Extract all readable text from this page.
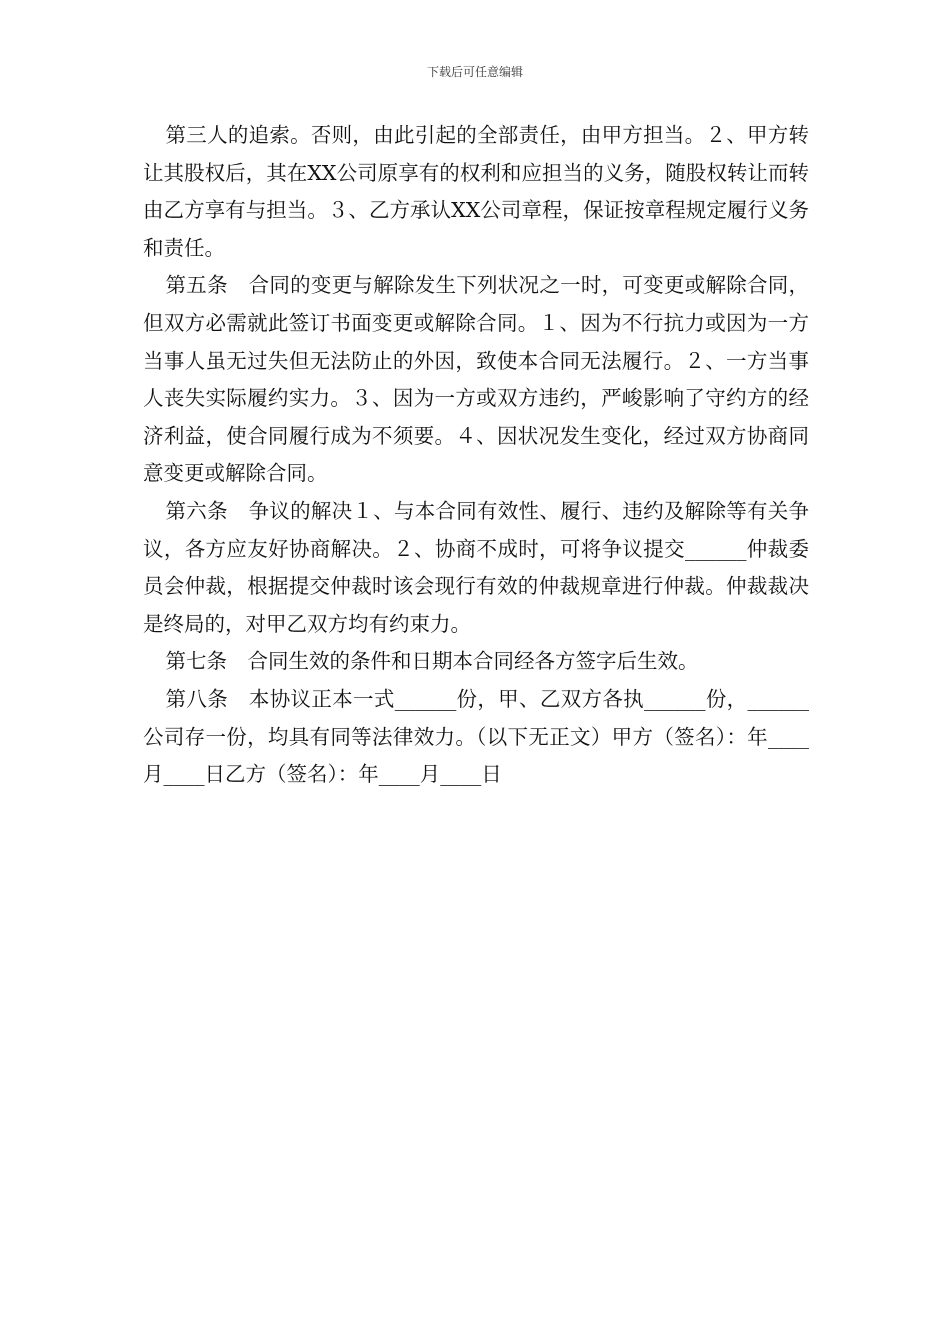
下载后可任意编辑

第三人的追索。否则，由此引起的全部责任，由甲方担当。２、甲方转让其股权后，其在XX公司原享有的权利和应担当的义务，随股权转让而转由乙方享有与担当。３、乙方承认XX公司章程，保证按章程规定履行义务和责任。

第五条　合同的变更与解除发生下列状况之一时，可变更或解除合同，但双方必需就此签订书面变更或解除合同。１、因为不行抗力或因为一方当事人虽无过失但无法防止的外因，致使本合同无法履行。２、一方当事人丧失实际履约实力。３、因为一方或双方违约，严峻影响了守约方的经济利益，使合同履行成为不须要。４、因状况发生变化，经过双方协商同意变更或解除合同。

第六条　争议的解决１、与本合同有效性、履行、违约及解除等有关争议，各方应友好协商解决。２、协商不成时，可将争议提交______仲裁委员会仲裁，根据提交仲裁时该会现行有效的仲裁规章进行仲裁。仲裁裁决是终局的，对甲乙双方均有约束力。

第七条　合同生效的条件和日期本合同经各方签字后生效。

第八条　本协议正本一式______份，甲、乙双方各执______份，______公司存一份，均具有同等法律效力。（以下无正文）甲方（签名）：年____月____日乙方（签名）：年____月____日
